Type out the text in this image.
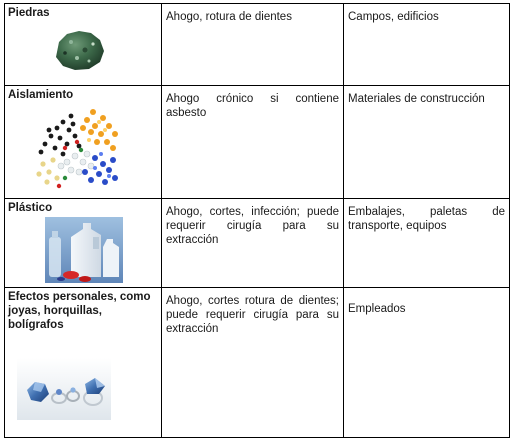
Piedras	Ahogo, rotura de dientes	Campos, edificios

Aislamiento	Ahogo crónico si contiene asbesto	Materiales de construcción

Plástico	Ahogo, cortes, infección; puede requerir cirugía para su extracción	Embalajes, paletas de transporte, equipos

Efectos personales, como joyas, horquillas, bolígrafos	Ahogo, cortes rotura de dientes; puede requerir cirugía para su extracción	Empleados
